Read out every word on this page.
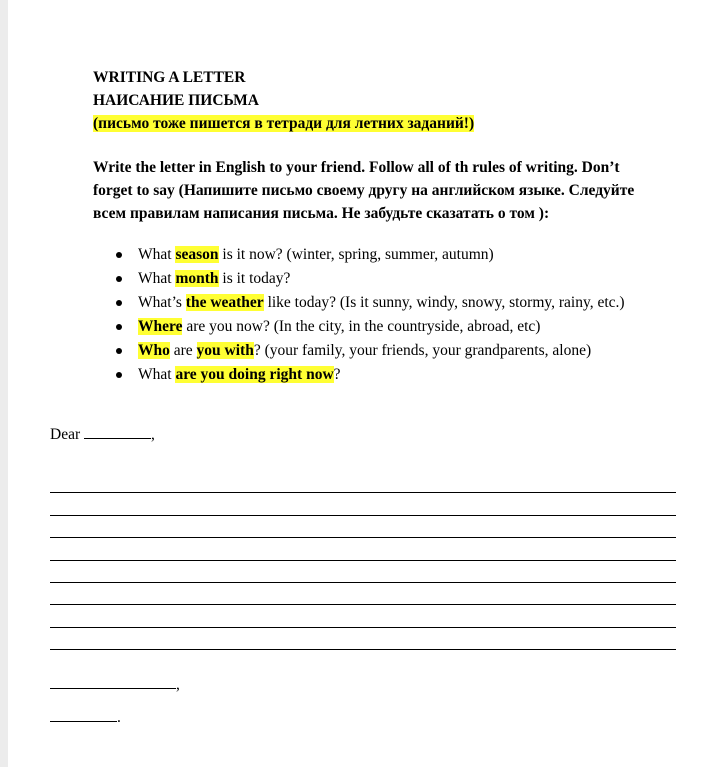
WRITING A LETTER
НАИСАНИЕ ПИСЬМА
(письмо тоже пишется в тетради для летних заданий!)

Write the letter in English to your friend. Follow all of th rules of writing. Don’t

forget to say (Напишите письмо своему другу на английском языке. Следуйте

всем правилам написания письма. Не забудьте сказатать о том ):

What season is it now? (winter, spring, summer, autumn)
What month is it today?
What’s the weather like today? (Is it sunny, windy, snowy, stormy, rainy, etc.)
Where are you now? (In the city, in the countryside, abroad, etc)
Who are you with? (your family, your friends, your grandparents, alone)
What are you doing right now?
Dear	,
,
.
